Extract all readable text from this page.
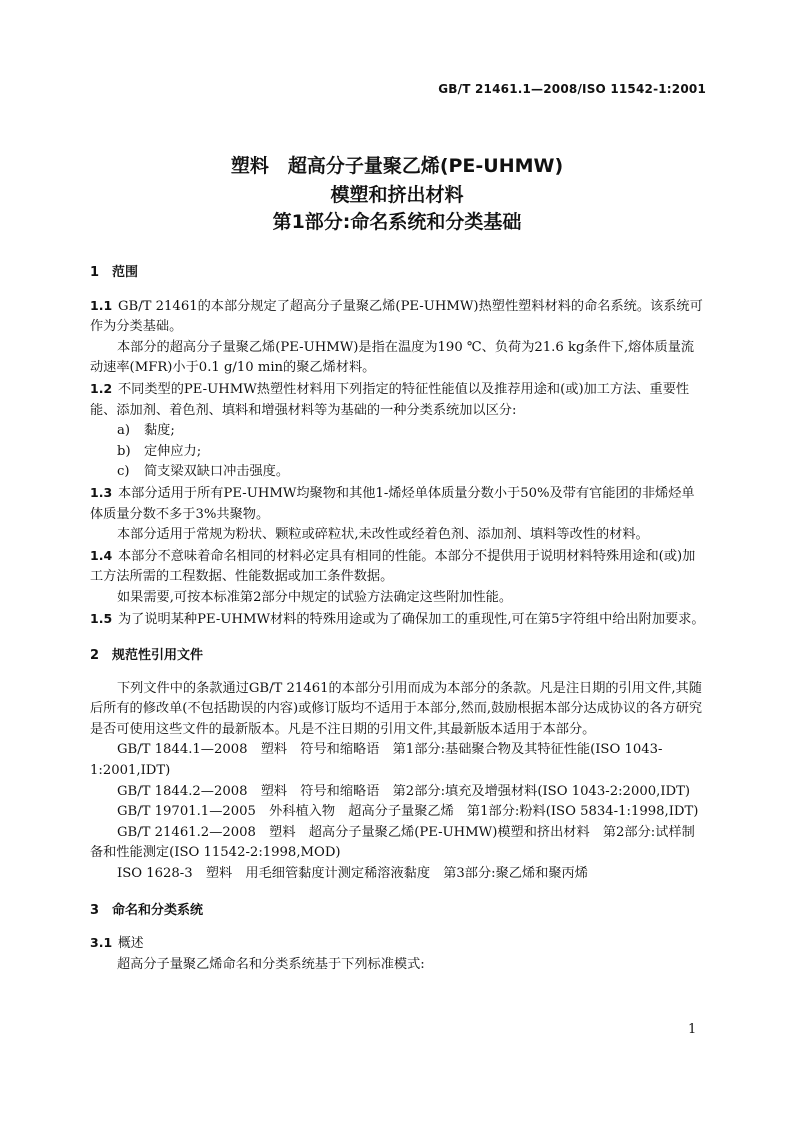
GB/T 21461.1—2008/ISO 11542-1:2001
塑料　超高分子量聚乙烯(PE-UHMW)
模塑和挤出材料
第1部分:命名系统和分类基础

1　范围

1.1 GB/T 21461的本部分规定了超高分子量聚乙烯(PE-UHMW)热塑性塑料材料的命名系统。该系统可作为分类基础。

本部分的超高分子量聚乙烯(PE-UHMW)是指在温度为190 ℃、负荷为21.6 kg条件下,熔体质量流动速率(MFR)小于0.1 g/10 min的聚乙烯材料。

1.2 不同类型的PE-UHMW热塑性材料用下列指定的特征性能值以及推荐用途和(或)加工方法、重要性能、添加剂、着色剂、填料和增强材料等为基础的一种分类系统加以区分:

a) 黏度;

b) 定伸应力;

c) 简支梁双缺口冲击强度。

1.3 本部分适用于所有PE-UHMW均聚物和其他1-烯烃单体质量分数小于50%及带有官能团的非烯烃单体质量分数不多于3%共聚物。

本部分适用于常规为粉状、颗粒或碎粒状,未改性或经着色剂、添加剂、填料等改性的材料。

1.4 本部分不意味着命名相同的材料必定具有相同的性能。本部分不提供用于说明材料特殊用途和(或)加工方法所需的工程数据、性能数据或加工条件数据。

如果需要,可按本标准第2部分中规定的试验方法确定这些附加性能。

1.5 为了说明某种PE-UHMW材料的特殊用途或为了确保加工的重现性,可在第5字符组中给出附加要求。

2　规范性引用文件

下列文件中的条款通过GB/T 21461的本部分引用而成为本部分的条款。凡是注日期的引用文件,其随后所有的修改单(不包括勘误的内容)或修订版均不适用于本部分,然而,鼓励根据本部分达成协议的各方研究是否可使用这些文件的最新版本。凡是不注日期的引用文件,其最新版本适用于本部分。

GB/T 1844.1—2008　塑料　符号和缩略语　第1部分:基础聚合物及其特征性能(ISO 1043-1:2001,IDT)

GB/T 1844.2—2008　塑料　符号和缩略语　第2部分:填充及增强材料(ISO 1043-2:2000,IDT)

GB/T 19701.1—2005　外科植入物　超高分子量聚乙烯　第1部分:粉料(ISO 5834-1:1998,IDT)

GB/T 21461.2—2008　塑料　超高分子量聚乙烯(PE-UHMW)模塑和挤出材料　第2部分:试样制备和性能测定(ISO 11542-2:1998,MOD)

ISO 1628-3　塑料　用毛细管黏度计测定稀溶液黏度　第3部分:聚乙烯和聚丙烯

3　命名和分类系统

3.1 概述

超高分子量聚乙烯命名和分类系统基于下列标准模式:

1
